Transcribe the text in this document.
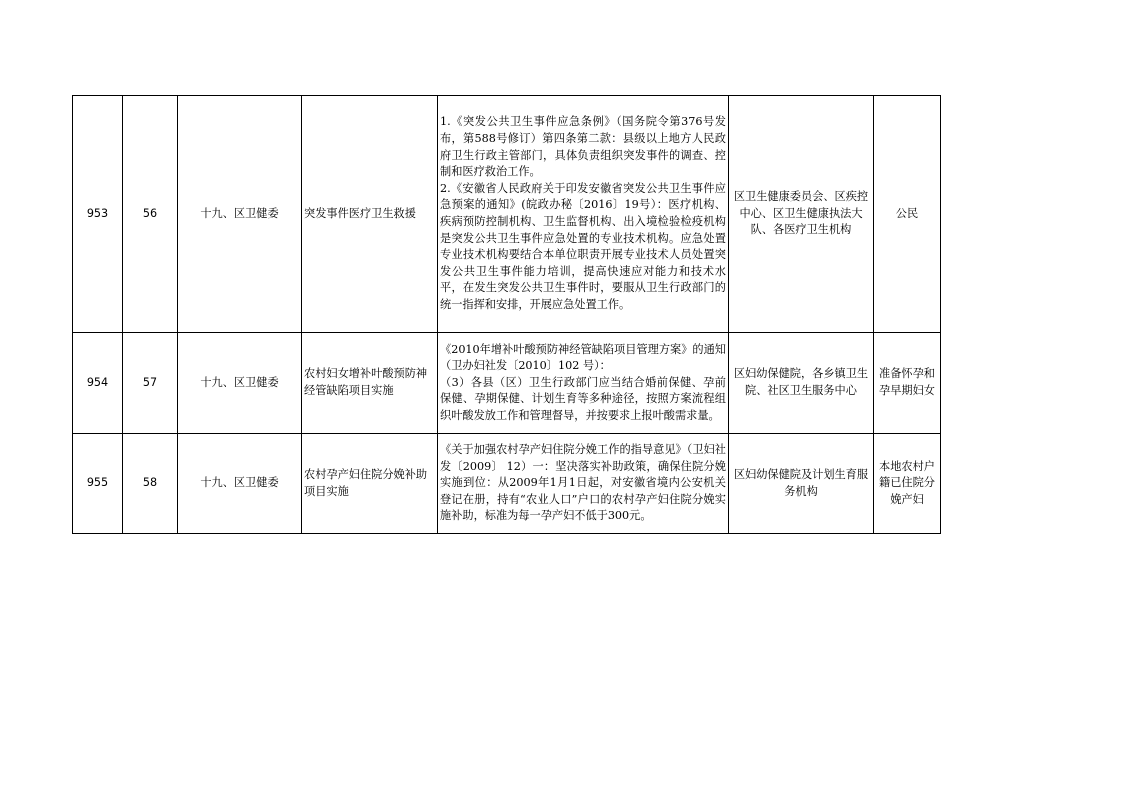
953	56	十九、区卫健委	突发事件医疗卫生救援	1.《突发公共卫生事件应急条例》（国务院令第376号发布，第588号修订）第四条第二款：县级以上地方人民政府卫生行政主管部门，具体负责组织突发事件的调查、控制和医疗救治工作。
2.《安徽省人民政府关于印发安徽省突发公共卫生事件应急预案的通知》(皖政办秘〔2016〕19号）：医疗机构、疾病预防控制机构、卫生监督机构、出入境检验检疫机构是突发公共卫生事件应急处置的专业技术机构。应急处置专业技术机构要结合本单位职责开展专业技术人员处置突发公共卫生事件能力培训，提高快速应对能力和技术水平，在发生突发公共卫生事件时，要服从卫生行政部门的统一指挥和安排，开展应急处置工作。	区卫生健康委员会、区疾控中心、区卫生健康执法大队、各医疗卫生机构	公民
954	57	十九、区卫健委	农村妇女增补叶酸预防神经管缺陷项目实施	《2010年增补叶酸预防神经管缺陷项目管理方案》的通知（卫办妇社发〔2010〕102 号）：
（3）各县（区）卫生行政部门应当结合婚前保健、孕前保健、孕期保健、计划生育等多种途径，按照方案流程组织叶酸发放工作和管理督导，并按要求上报叶酸需求量。	区妇幼保健院，各乡镇卫生院、社区卫生服务中心	准备怀孕和孕早期妇女
955	58	十九、区卫健委	农村孕产妇住院分娩补助项目实施	《关于加强农村孕产妇住院分娩工作的指导意见》（卫妇社发〔2009〕 12）一：坚决落实补助政策，确保住院分娩实施到位：从2009年1月1日起，对安徽省境内公安机关登记在册，持有“农业人口”户口的农村孕产妇住院分娩实施补助，标准为每一孕产妇不低于300元。	区妇幼保健院及计划生育服务机构	本地农村户籍已住院分娩产妇
